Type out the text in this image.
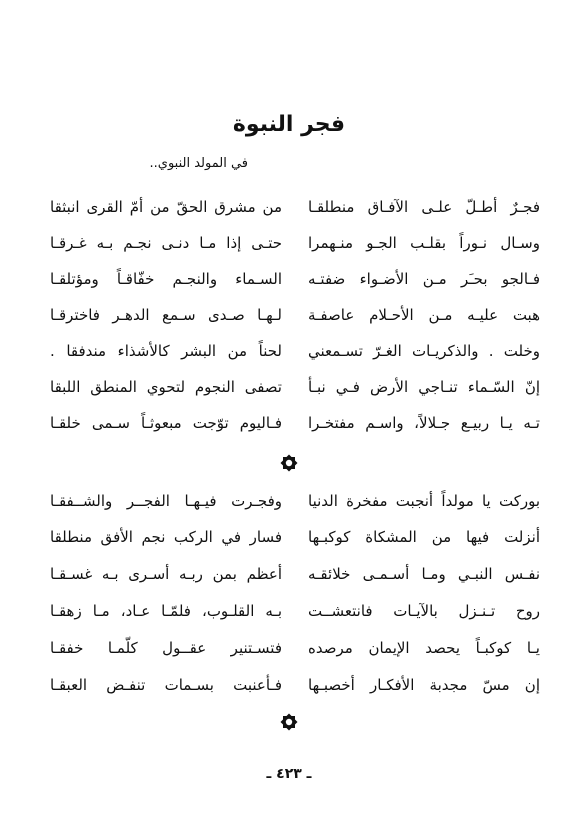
فجر النبوة
في المولد النبوي..
فجـرٌ أطـلّ علـى الآفـاق منطلقـا
من مشرق الحقّ من أمّ القرى انبثقا
وسـال نـوراً بقلـب الجـو منـهمرا
حتـى إذا مـا دنـى نجـم بـه غـرقـا
فـالجو بحـَر مـن الأضـواء ضفتـه
السـماء والنجـم خفّاقـاً ومؤتلقـا
هبت عليـه مـن الأحـلام عاصفـة
لـهـا صـدى سـمع الدهـر فاخترقـا
وخلت . والذكريـات الغـرّ تسـمعني
لحناً من البشر كالأشذاء مندفقا .
إنّ السّـماء تنـاجي الأرض فـي نبـأ
تصفى النجوم لتحوي المنطق اللبقا
تـه يـا ربيـع جـلالاً، واسـم مفتخـرا
فـاليوم توّجت مبعوثـاً سـمى خلقـا
بوركت يا مولداً أنجبت مفخرة الدنيا
وفجـرت فيـهـا الفجــر والشــفقـا
أنزلت فيها من المشكاة كوكبـها
فسار في الركب نجم الأفق منطلقا
نفـس النبـي ومـا أسـمـى خلائقـه
أعظم بمن ربـه أسـرى بـه غسـقـا
روح تـنـزل بالآيـات فانتعشــت
بـه القلـوب، فلمّـا عـاد، مـا زهقـا
يـا كوكبـاً يحصد الإيمان مرصده
فتسـتنير عقــول كلّمـا خفقـا
إن مسّ مجدبة الأفكـار أخصبـها
فـأعنبت بسـمات تنفـض العبقـا
ـ ٤٢٣ ـ
